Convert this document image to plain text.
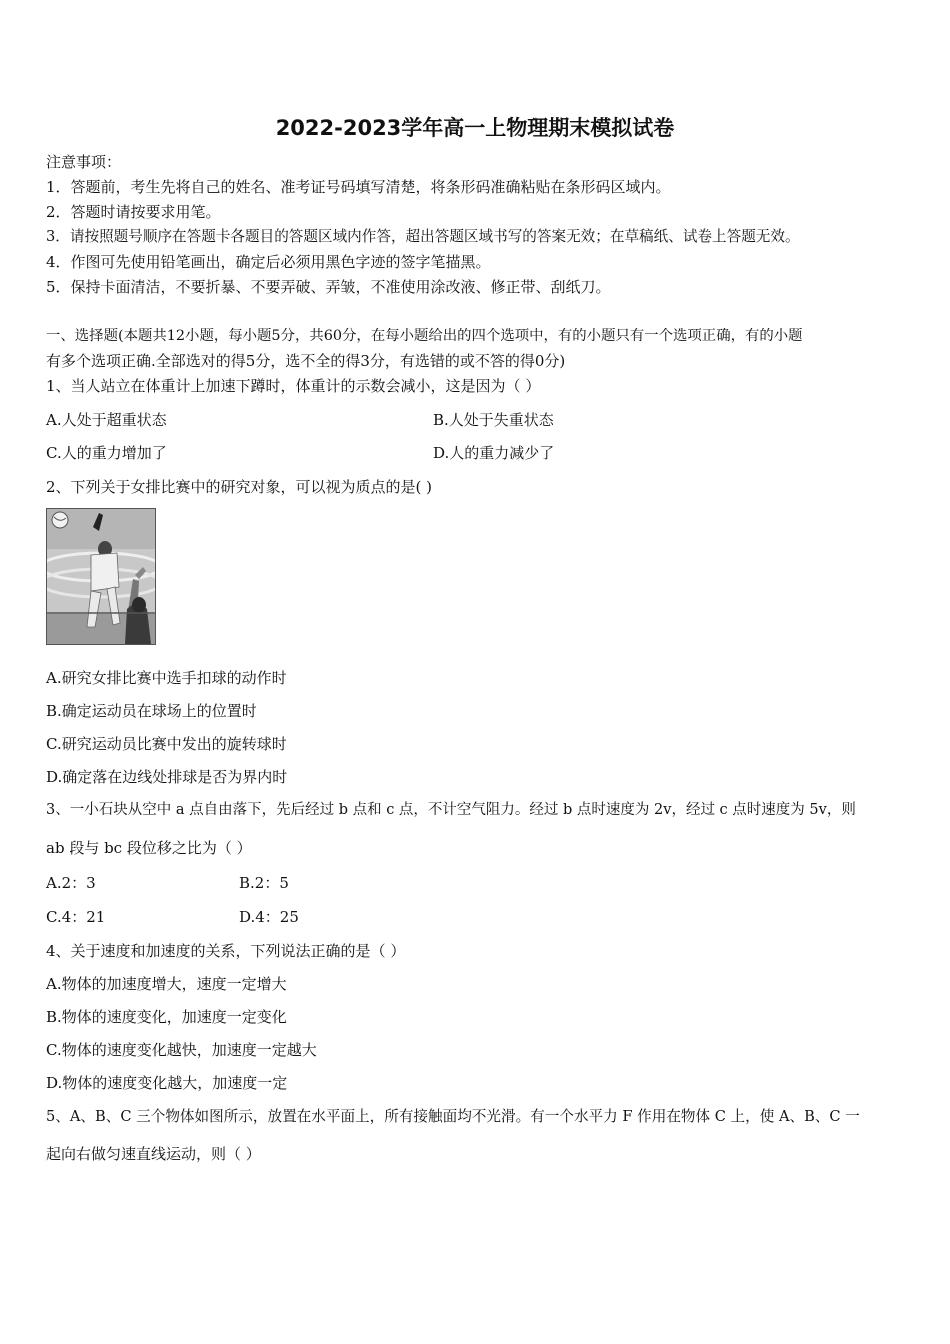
2022-2023学年高一上物理期末模拟试卷
注意事项：
1．答题前，考生先将自己的姓名、准考证号码填写清楚，将条形码准确粘贴在条形码区域内。
2．答题时请按要求用笔。
3．请按照题号顺序在答题卡各题目的答题区域内作答，超出答题区域书写的答案无效；在草稿纸、试卷上答题无效。
4．作图可先使用铅笔画出，确定后必须用黑色字迹的签字笔描黑。
5．保持卡面清洁，不要折暴、不要弄破、弄皱，不准使用涂改液、修正带、刮纸刀。
一、选择题(本题共12小题，每小题5分，共60分，在每小题给出的四个选项中，有的小题只有一个选项正确，有的小题
有多个选项正确.全部选对的得5分，选不全的得3分，有选错的或不答的得0分)
1、当人站立在体重计上加速下蹲时，体重计的示数会减小，这是因为（ ）
A.人处于超重状态	B.人处于失重状态
C.人的重力增加了	D.人的重力减少了
2、下列关于女排比赛中的研究对象，可以视为质点的是( )
A.研究女排比赛中选手扣球的动作时
B.确定运动员在球场上的位置时
C.研究运动员比赛中发出的旋转球时
D.确定落在边线处排球是否为界内时
3、一小石块从空中 a 点自由落下，先后经过 b 点和 c 点，不计空气阻力。经过 b 点时速度为 2v，经过 c 点时速度为 5v，则
ab 段与 bc 段位移之比为（ ）
A.2：3	B.2：5
C.4：21	D.4：25
4、关于速度和加速度的关系，下列说法正确的是（ ）
A.物体的加速度增大，速度一定增大
B.物体的速度变化，加速度一定变化
C.物体的速度变化越快，加速度一定越大
D.物体的速度变化越大，加速度一定
5、A、B、C 三个物体如图所示，放置在水平面上，所有接触面均不光滑。有一个水平力 F 作用在物体 C 上，使 A、B、C 一
起向右做匀速直线运动，则（ ）
